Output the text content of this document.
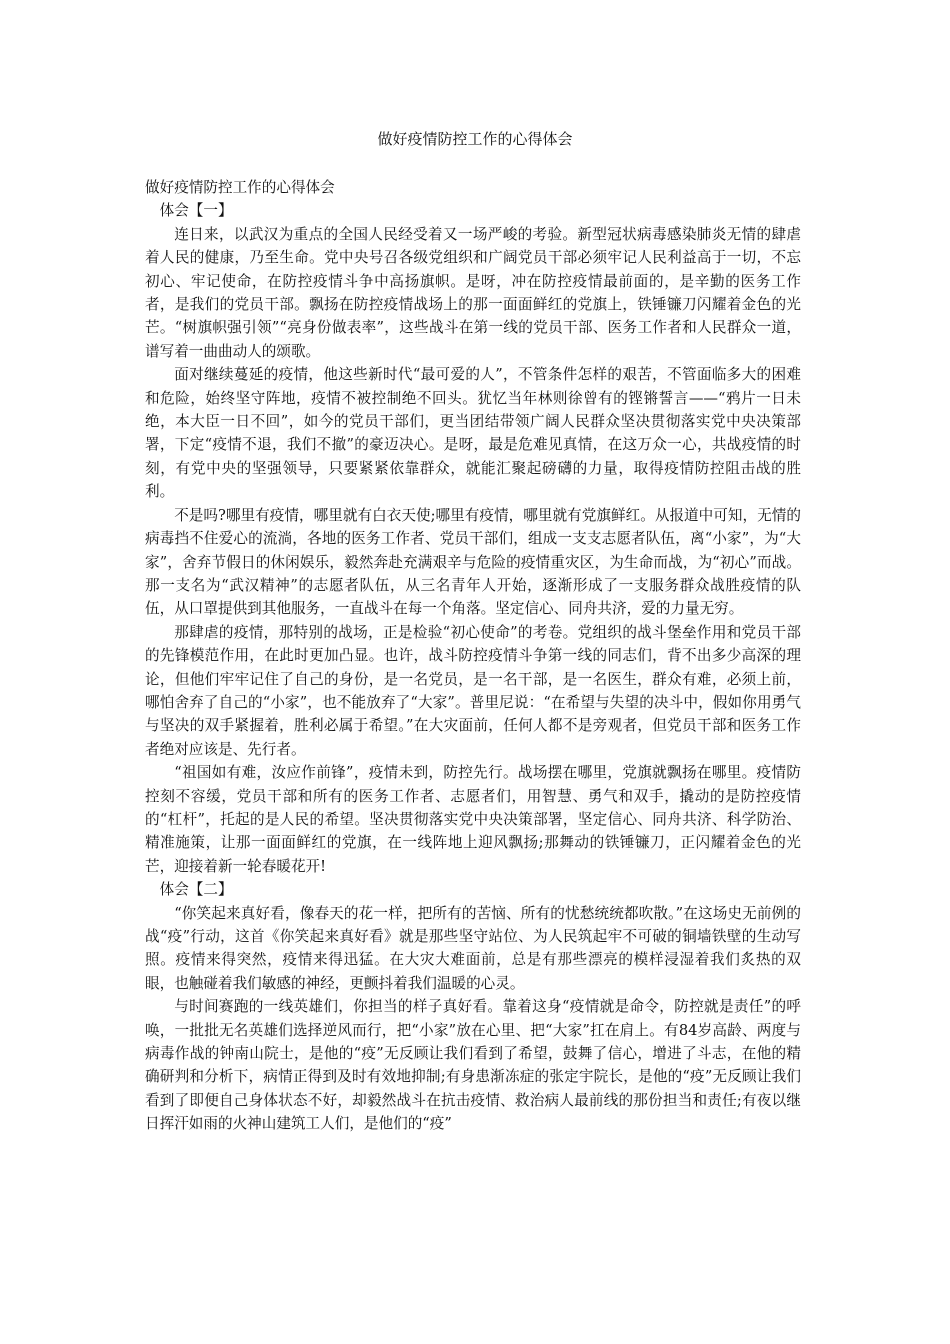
做好疫情防控工作的心得体会

做好疫情防控工作的心得体会

体会【一】

连日来，以武汉为重点的全国人民经受着又一场严峻的考验。新型冠状病毒感染肺炎无情的肆虐着人民的健康，乃至生命。党中央号召各级党组织和广阔党员干部必须牢记人民利益高于一切，不忘初心、牢记使命，在防控疫情斗争中高扬旗帜。是呀，冲在防控疫情最前面的，是辛勤的医务工作者，是我们的党员干部。飘扬在防控疫情战场上的那一面面鲜红的党旗上，铁锤镰刀闪耀着金色的光芒。“树旗帜强引领”“亮身份做表率”，这些战斗在第一线的党员干部、医务工作者和人民群众一道，谱写着一曲曲动人的颂歌。

面对继续蔓延的疫情，他这些新时代“最可爱的人”，不管条件怎样的艰苦，不管面临多大的困难和危险，始终坚守阵地，疫情不被控制绝不回头。犹忆当年林则徐曾有的铿锵誓言——“鸦片一日未绝，本大臣一日不回”，如今的党员干部们，更当团结带领广阔人民群众坚决贯彻落实党中央决策部署，下定“疫情不退，我们不撤”的豪迈决心。是呀，最是危难见真情，在这万众一心，共战疫情的时刻，有党中央的坚强领导，只要紧紧依靠群众，就能汇聚起磅礴的力量，取得疫情防控阻击战的胜利。

不是吗?哪里有疫情，哪里就有白衣天使;哪里有疫情，哪里就有党旗鲜红。从报道中可知，无情的病毒挡不住爱心的流淌，各地的医务工作者、党员干部们，组成一支支志愿者队伍，离“小家”，为“大家”，舍弃节假日的休闲娱乐，毅然奔赴充满艰辛与危险的疫情重灾区，为生命而战，为“初心”而战。那一支名为“武汉精神”的志愿者队伍，从三名青年人开始，逐渐形成了一支服务群众战胜疫情的队伍，从口罩提供到其他服务，一直战斗在每一个角落。坚定信心、同舟共济，爱的力量无穷。

那肆虐的疫情，那特别的战场，正是检验“初心使命”的考卷。党组织的战斗堡垒作用和党员干部的先锋模范作用，在此时更加凸显。也许，战斗防控疫情斗争第一线的同志们，背不出多少高深的理论，但他们牢牢记住了自己的身份，是一名党员，是一名干部，是一名医生，群众有难，必须上前，哪怕舍弃了自己的“小家”，也不能放弃了“大家”。普里尼说：“在希望与失望的决斗中，假如你用勇气与坚决的双手紧握着，胜利必属于希望。”在大灾面前，任何人都不是旁观者，但党员干部和医务工作者绝对应该是、先行者。

“祖国如有难，汝应作前锋”，疫情未到，防控先行。战场摆在哪里，党旗就飘扬在哪里。疫情防控刻不容缓，党员干部和所有的医务工作者、志愿者们，用智慧、勇气和双手，撬动的是防控疫情的“杠杆”，托起的是人民的希望。坚决贯彻落实党中央决策部署，坚定信心、同舟共济、科学防治、精准施策，让那一面面鲜红的党旗，在一线阵地上迎风飘扬;那舞动的铁锤镰刀，正闪耀着金色的光芒，迎接着新一轮春暖花开!

体会【二】

“你笑起来真好看，像春天的花一样，把所有的苦恼、所有的忧愁统统都吹散。”在这场史无前例的战“疫”行动，这首《你笑起来真好看》就是那些坚守站位、为人民筑起牢不可破的铜墙铁壁的生动写照。疫情来得突然，疫情来得迅猛。在大灾大难面前，总是有那些漂亮的模样浸湿着我们炙热的双眼，也触碰着我们敏感的神经，更颤抖着我们温暖的心灵。

与时间赛跑的一线英雄们，你担当的样子真好看。靠着这身“疫情就是命令，防控就是责任”的呼唤，一批批无名英雄们选择逆风而行，把“小家”放在心里、把“大家”扛在肩上。有84岁高龄、两度与病毒作战的钟南山院士，是他的“疫”无反顾让我们看到了希望，鼓舞了信心，增进了斗志，在他的精确研判和分析下，病情正得到及时有效地抑制;有身患渐冻症的张定宇院长，是他的“疫”无反顾让我们看到了即便自己身体状态不好，却毅然战斗在抗击疫情、救治病人最前线的那份担当和责任;有夜以继日挥汗如雨的火神山建筑工人们，是他们的“疫”
